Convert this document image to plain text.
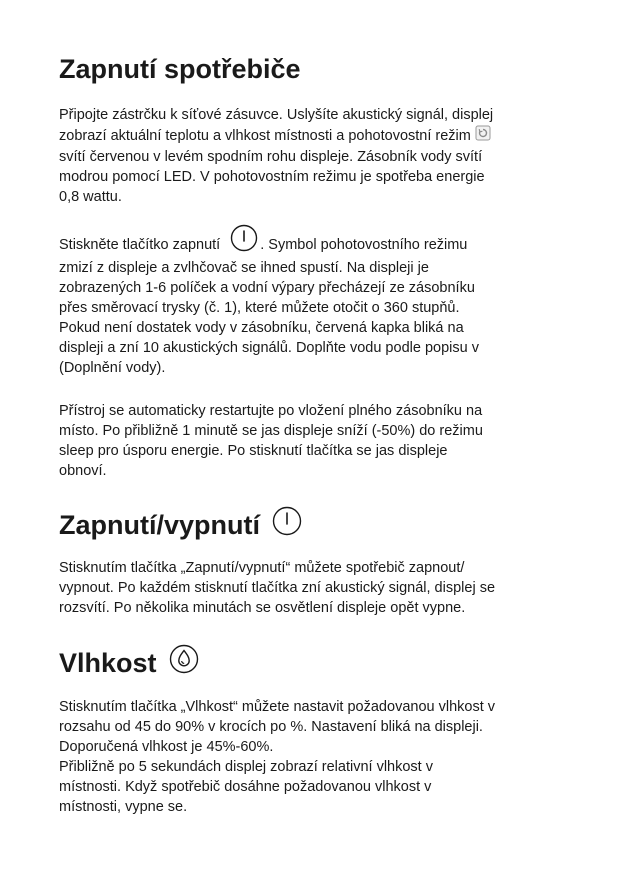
Zapnutí spotřebiče

Připojte zástrčku k síťové zásuvce. Uslyšíte akustický signál, displej
zobrazí aktuální teplotu a vlhkost místnosti a pohotovostní režim
svítí červenou v levém spodním rohu displeje. Zásobník vody svítí
modrou pomocí LED. V pohotovostním režimu je spotřeba energie
0,8 wattu.

Stiskněte tlačítko zapnutí	. Symbol pohotovostního režimu
zmizí z displeje a zvlhčovač se ihned spustí. Na displeji je
zobrazených 1-6 políček a vodní výpary přecházejí ze zásobníku
přes směrovací trysky (č. 1), které můžete otočit o 360 stupňů.
Pokud není dostatek vody v zásobníku, červená kapka bliká na
displeji a zní 10 akustických signálů. Doplňte vodu podle popisu v
(Doplnění vody).

Přístroj se automaticky restartujte po vložení plného zásobníku na
místo. Po přibližně 1 minutě se jas displeje sníží (-50%) do režimu
sleep pro úsporu energie. Po stisknutí tlačítka se jas displeje
obnoví.

Zapnutí/vypnutí

Stisknutím tlačítka „Zapnutí/vypnutí“ můžete spotřebič zapnout/
vypnout. Po každém stisknutí tlačítka zní akustický signál, displej se
rozsvítí. Po několika minutách se osvětlení displeje opět vypne.

Vlhkost

Stisknutím tlačítka „Vlhkost“ můžete nastavit požadovanou vlhkost v
rozsahu od 45 do 90% v krocích po %. Nastavení bliká na displeji.
Doporučená vlhkost je 45%-60%.
Přibližně po 5 sekundách displej zobrazí relativní vlhkost v
místnosti. Když spotřebič dosáhne požadovanou vlhkost v
místnosti, vypne se.
